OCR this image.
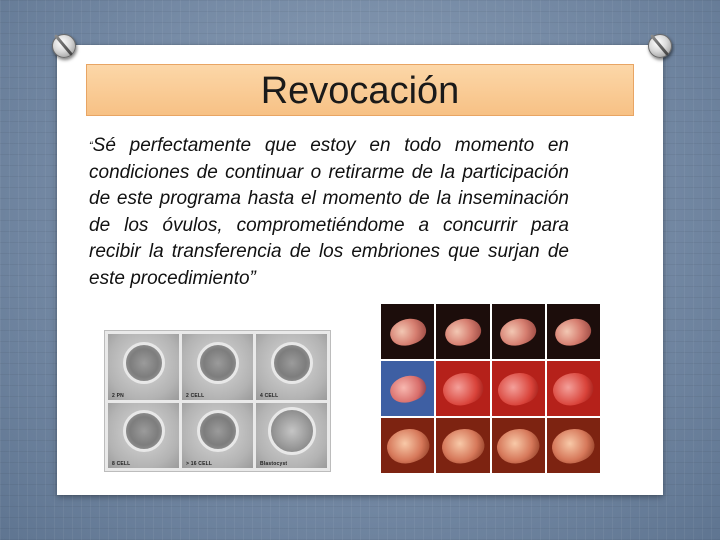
Revocación

“Sé perfectamente que estoy en todo momento en condiciones de continuar o retirarme de la participación de este programa hasta el momento de la inseminación de los óvulos, comprometiéndome a concurrir para recibir la transferencia de los embriones que surjan de este procedimiento”

2 PN	2 CELL	4 CELL
8 CELL	> 16 CELL	Blastocyst
